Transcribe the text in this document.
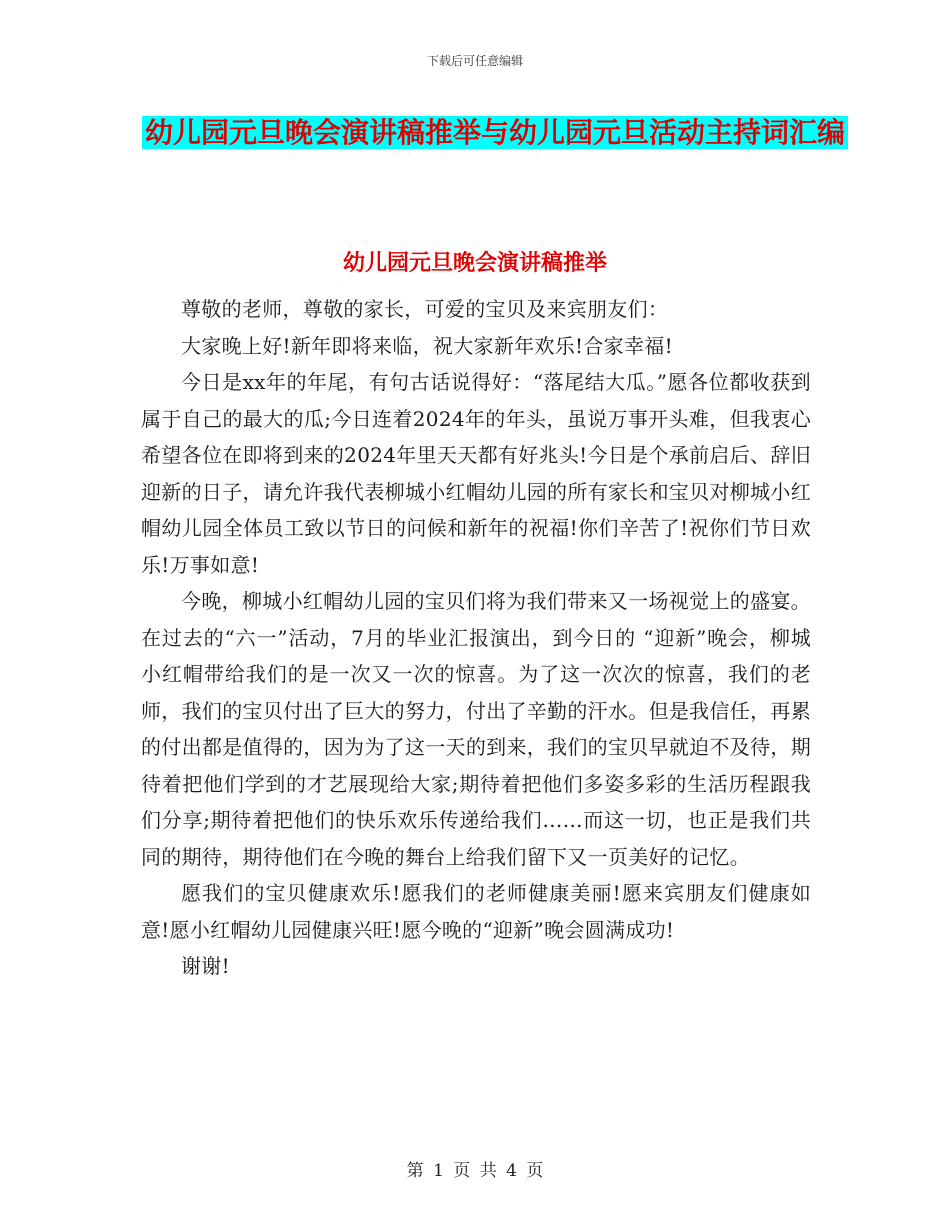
下载后可任意编辑
幼儿园元旦晚会演讲稿推举与幼儿园元旦活动主持词汇编
幼儿园元旦晚会演讲稿推举

尊敬的老师，尊敬的家长，可爱的宝贝及来宾朋友们：

大家晚上好!新年即将来临，祝大家新年欢乐!合家幸福!

今日是xx年的年尾，有句古话说得好：“落尾结大瓜。”愿各位都收获到属于自己的最大的瓜;今日连着2024年的年头，虽说万事开头难，但我衷心希望各位在即将到来的2024年里天天都有好兆头!今日是个承前启后、辞旧迎新的日子，请允许我代表柳城小红帽幼儿园的所有家长和宝贝对柳城小红帽幼儿园全体员工致以节日的问候和新年的祝福!你们辛苦了!祝你们节日欢乐!万事如意!

今晚，柳城小红帽幼儿园的宝贝们将为我们带来又一场视觉上的盛宴。在过去的“六一”活动，7月的毕业汇报演出，到今日的 “迎新”晚会，柳城小红帽带给我们的是一次又一次的惊喜。为了这一次次的惊喜，我们的老师，我们的宝贝付出了巨大的努力，付出了辛勤的汗水。但是我信任，再累的付出都是值得的，因为为了这一天的到来，我们的宝贝早就迫不及待，期待着把他们学到的才艺展现给大家;期待着把他们多姿多彩的生活历程跟我们分享;期待着把他们的快乐欢乐传递给我们……而这一切，也正是我们共同的期待，期待他们在今晚的舞台上给我们留下又一页美好的记忆。

愿我们的宝贝健康欢乐!愿我们的老师健康美丽!愿来宾朋友们健康如意!愿小红帽幼儿园健康兴旺!愿今晚的“迎新”晚会圆满成功!

谢谢!

第 1 页 共 4 页
